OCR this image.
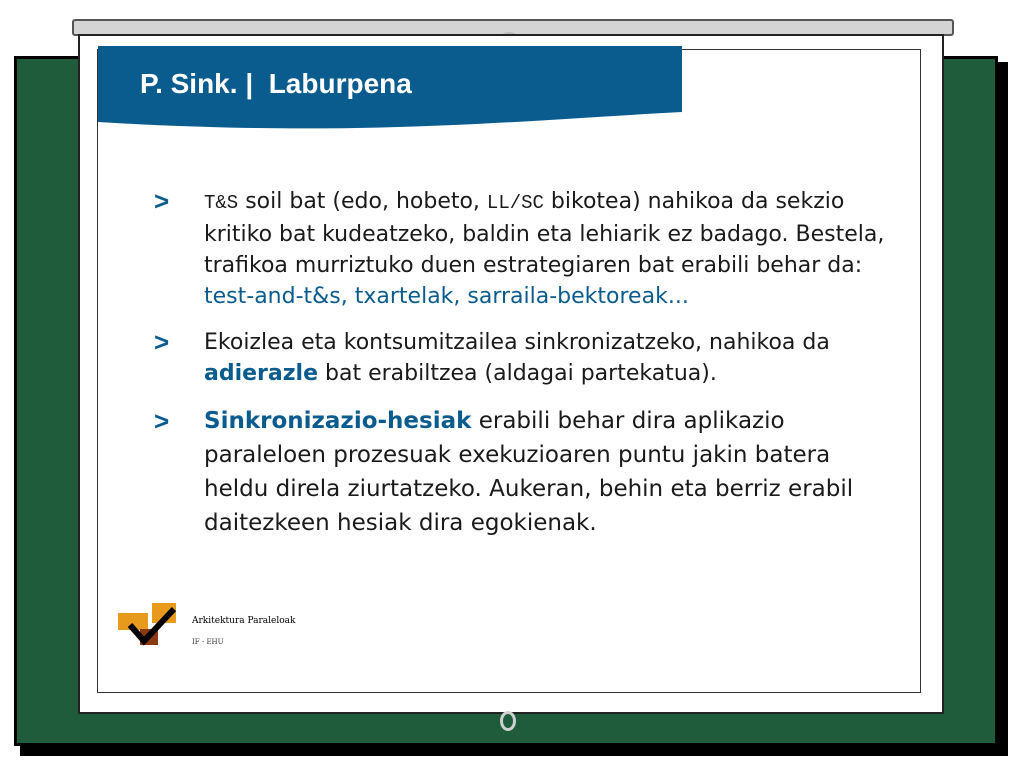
P. Sink. |  Laburpena
> T&S soil bat (edo, hobeto, LL/SC bikotea) nahikoa da sekzio kritiko bat kudeatzeko, baldin eta lehiarik ez badago. Bestela, trafikoa murriztuko duen estrategiaren bat erabili behar da: test-and-t&s, txartelak, sarraila-bektoreak...
> Ekoizlea eta kontsumitzailea sinkronizatzeko, nahikoa da adierazle bat erabiltzea (aldagai partekatua).
> Sinkronizazio-hesiak erabili behar dira aplikazio paraleloen prozesuak exekuzioaren puntu jakin batera heldu direla ziurtatzeko. Aukeran, behin eta berriz erabil daitezkeen hesiak dira egokienak.
Arkitektura Paraleloak
IF - EHU
